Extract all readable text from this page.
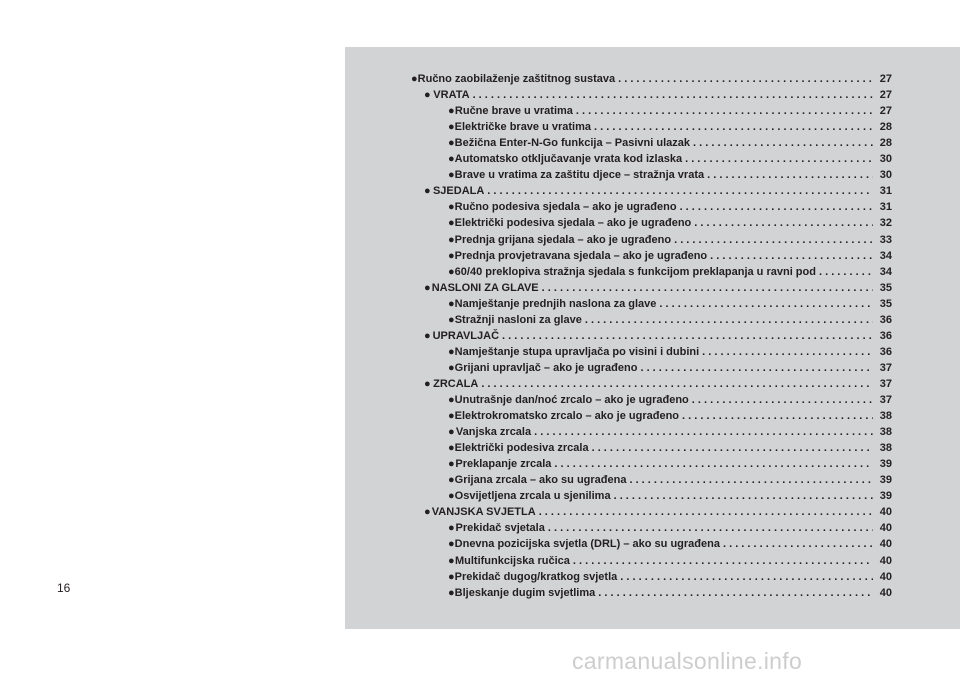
16
● Ručno zaobilaženje zaštitnog sustava . . .	27
● VRATA . . .	27
● Ručne brave u vratima . . .	27
● Električke brave u vratima . . .	28
● Bežična Enter-N-Go funkcija – Pasivni ulazak . . .	28
● Automatsko otključavanje vrata kod izlaska . . .	30
● Brave u vratima za zaštitu djece – stražnja vrata . . .	30
● SJEDALA . . .	31
● Ručno podesiva sjedala – ako je ugrađeno . . .	31
● Električki podesiva sjedala – ako je ugrađeno . . .	32
● Prednja grijana sjedala – ako je ugrađeno . . .	33
● Prednja provjetravana sjedala – ako je ugrađeno . . .	34
● 60/40 preklopiva stražnja sjedala s funkcijom preklapanja u ravni pod . . .	34
● NASLONI ZA GLAVE . . .	35
● Namještanje prednjih naslona za glave . . .	35
● Stražnji nasloni za glave . . .	36
● UPRAVLJAČ . . .	36
● Namještanje stupa upravljača po visini i dubini . . .	36
● Grijani upravljač – ako je ugrađeno . . .	37
● ZRCALA . . .	37
● Unutrašnje dan/noć zrcalo – ako je ugrađeno . . .	37
● Elektrokromatsko zrcalo – ako je ugrađeno . . .	38
● Vanjska zrcala . . .	38
● Električki podesiva zrcala . . .	38
● Preklapanje zrcala . . .	39
● Grijana zrcala – ako su ugrađena . . .	39
● Osvijetljena zrcala u sjenilima . . .	39
● VANJSKA SVJETLA . . .	40
● Prekidač svjetala . . .	40
● Dnevna pozicijska svjetla (DRL) – ako su ugrađena . . .	40
● Multifunkcijska ručica . . .	40
● Prekidač dugog/kratkog svjetla . . .	40
● Bljeskanje dugim svjetlima . . .	40
carmanualsonline.info
